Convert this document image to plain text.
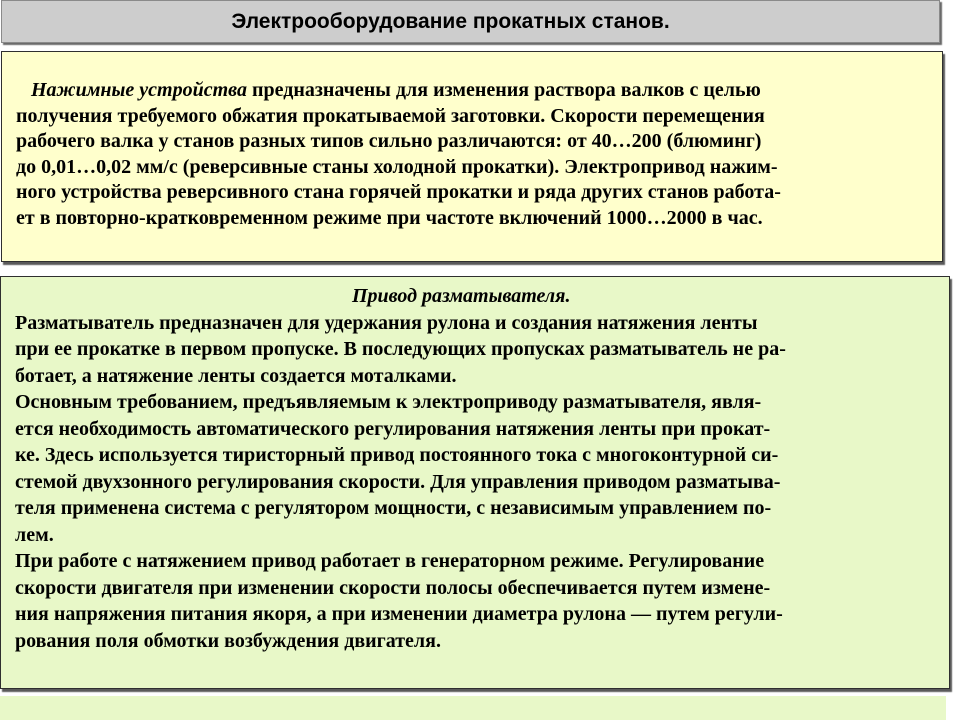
Электрооборудование прокатных станов.

Нажимные устройства предназначены для изменения раствора валков с целью

получения требуемого обжатия прокатываемой заготовки. Скорости перемещения

рабочего валка у станов разных типов сильно различаются: от 40…200 (блюминг)

до 0,01…0,02 мм/с (реверсивные станы холодной прокатки). Электропривод нажим-

ного устройства реверсивного стана горячей прокатки и ряда других станов работа-

ет в повторно-кратковременном режиме при частоте включений 1000…2000 в час.

Привод разматывателя.

Разматыватель предназначен для удержания рулона и создания натяжения ленты

при ее прокатке в первом пропуске. В последующих пропусках разматыватель не ра-

ботает, а натяжение ленты создается моталками.

Основным требованием, предъявляемым к электроприводу разматывателя, явля-

ется необходимость автоматического регулирования натяжения ленты при прокат-

ке. Здесь используется тиристорный привод постоянного тока с многоконтурной си-

стемой двухзонного регулирования скорости. Для управления приводом разматыва-

теля применена система с регулятором мощности, с независимым управлением по-

лем.

При работе с натяжением привод работает в генераторном режиме. Регулирование

скорости двигателя при изменении скорости полосы обеспечивается путем измене-

ния напряжения питания якоря, а при изменении диаметра рулона — путем регули-

рования поля обмотки возбуждения двигателя.
